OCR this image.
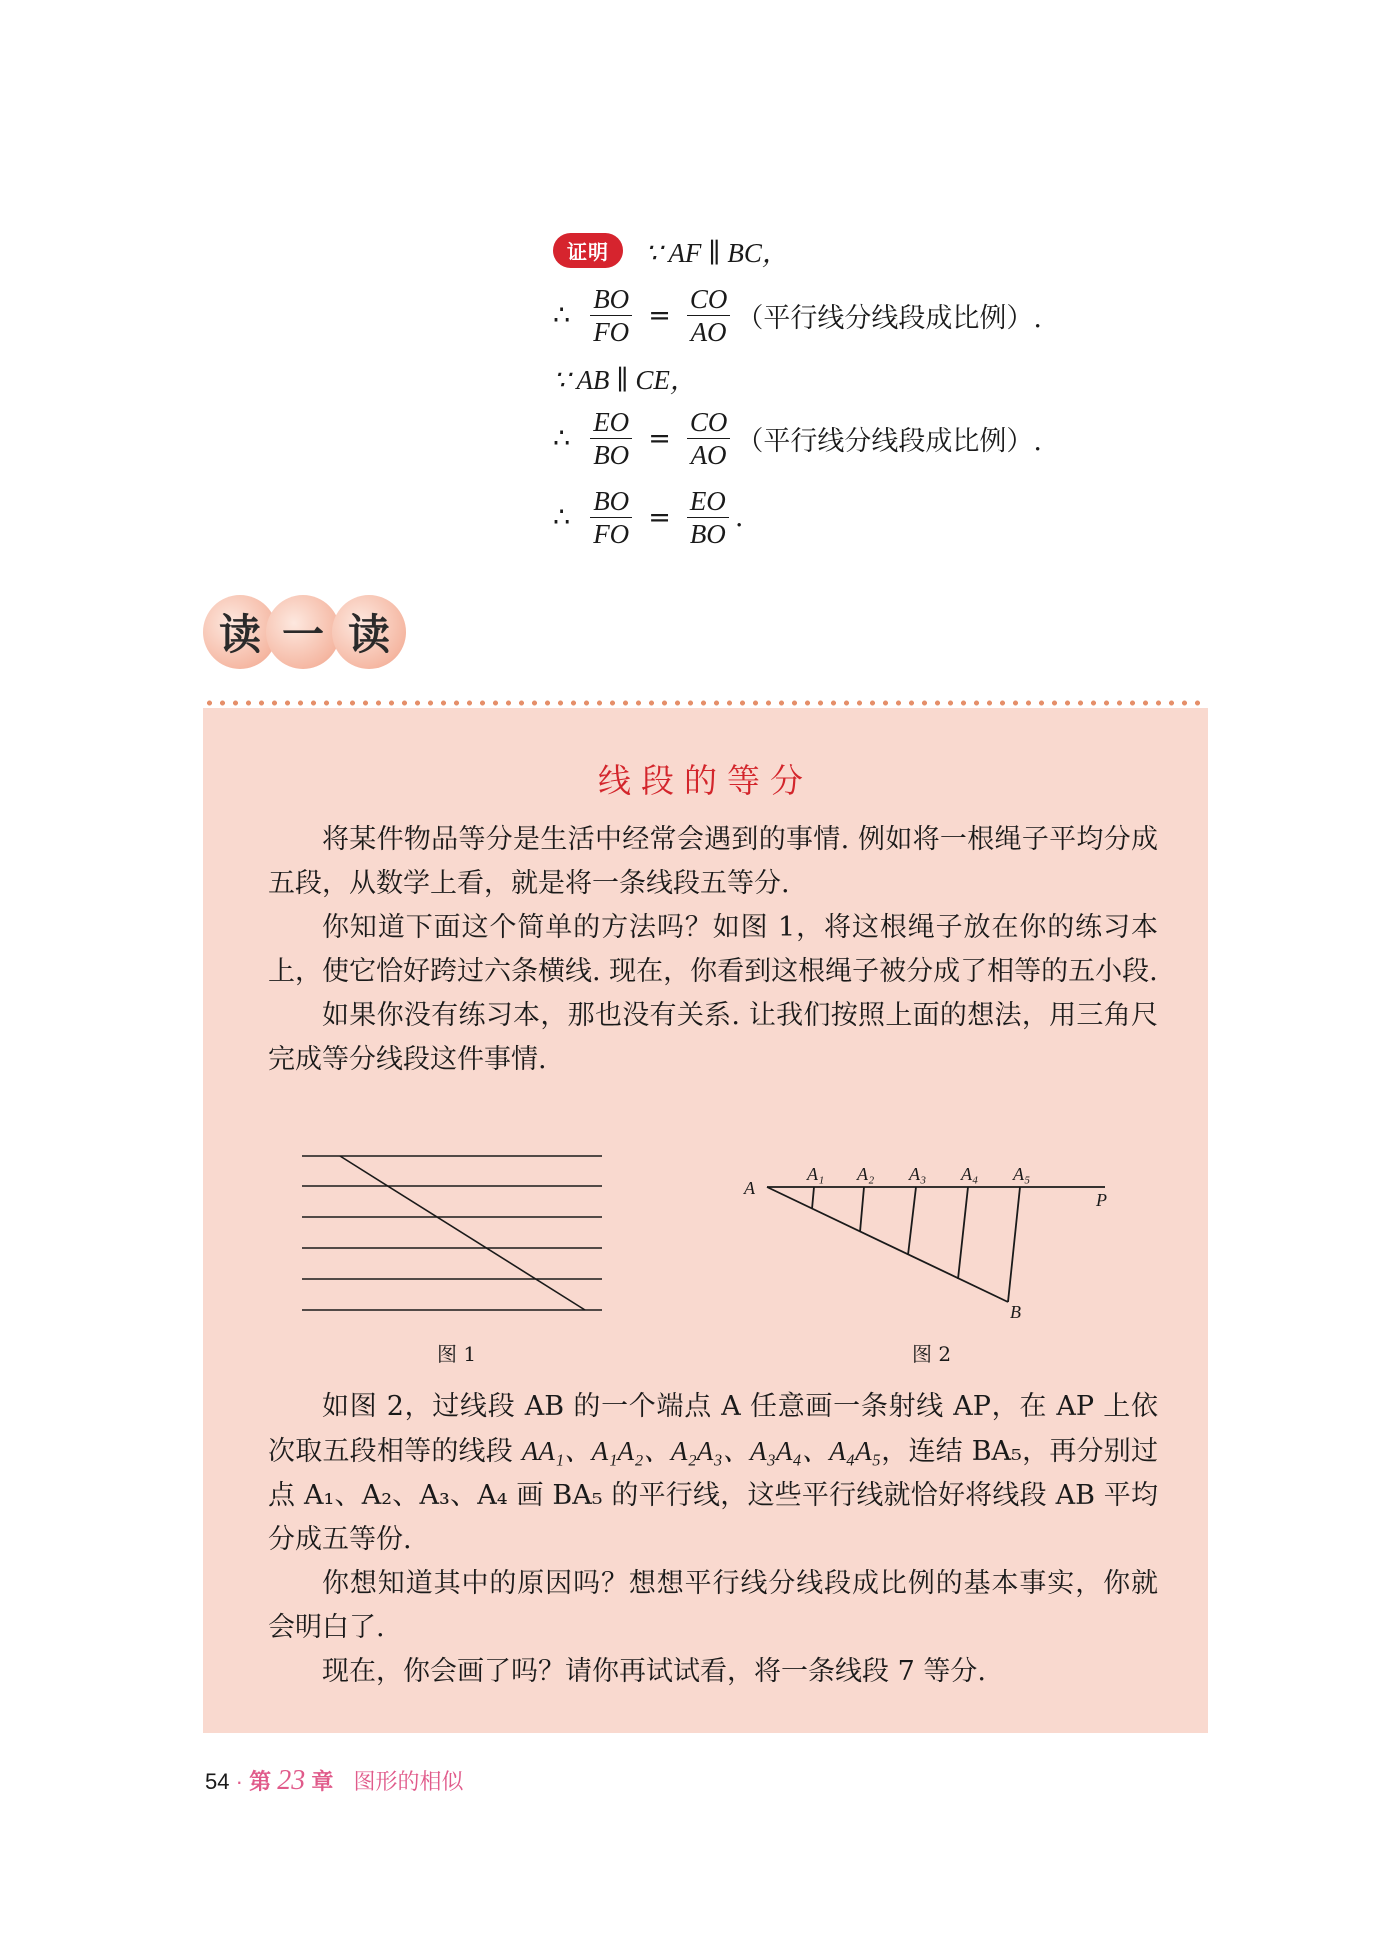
证明	∵ AF ∥ BC，
∴ $\frac{BO}{FO} = \frac{CO}{AO}$ （平行线分线段成比例）.
∵ AB ∥ CE，
∴ $\frac{EO}{BO} = \frac{CO}{AO}$ （平行线分线段成比例）.
∴ $\frac{BO}{FO} = \frac{EO}{BO}$ .
读 一 读
线段的等分

将某件物品等分是生活中经常会遇到的事情. 例如将一根绳子平均分成五段，从数学上看，就是将一条线段五等分.

你知道下面这个简单的方法吗？如图 1，将这根绳子放在你的练习本上，使它恰好跨过六条横线. 现在，你看到这根绳子被分成了相等的五小段.

如果你没有练习本，那也没有关系. 让我们按照上面的想法，用三角尺完成等分线段这件事情.

图 1
A
P
B
A₁ A₂ A₃ A₄ A₅
图 2

如图 2，过线段 AB 的一个端点 A 任意画一条射线 AP，在 AP 上依次取五段相等的线段 AA₁、A₁A₂、A₂A₃、A₃A₄、A₄A₅，连结 BA₅，再分别过点 A₁、A₂、A₃、A₄ 画 BA₅ 的平行线，这些平行线就恰好将线段 AB 平均分成五等份.

你想知道其中的原因吗？想想平行线分线段成比例的基本事实，你就会明白了.

现在，你会画了吗？请你再试试看，将一条线段 7 等分.

54 · 第 23 章 图形的相似
